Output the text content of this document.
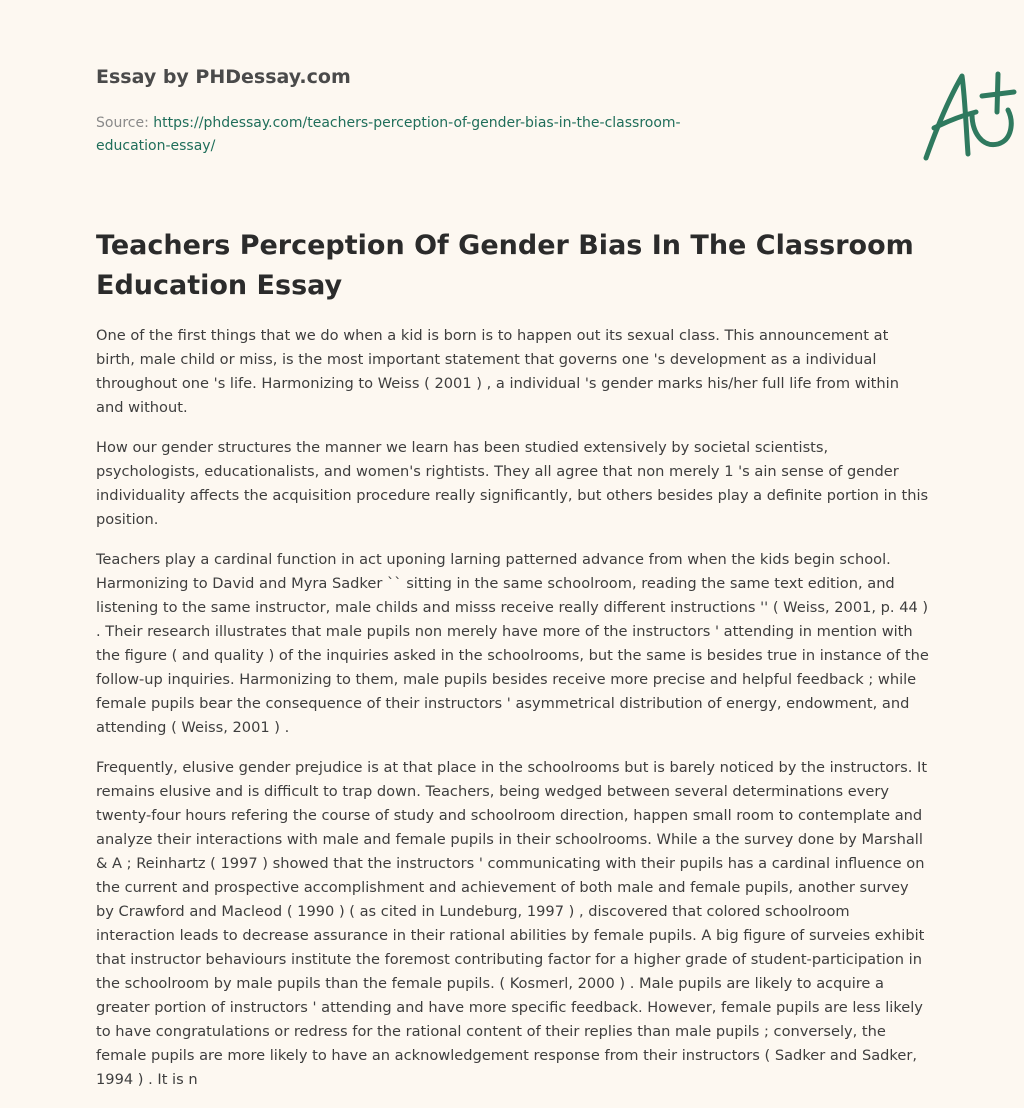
Essay by PHDessay.com
Source: https://phdessay.com/teachers-perception-of-gender-bias-in-the-classroom-education-essay/
Teachers Perception Of Gender Bias In The Classroom Education Essay

One of the first things that we do when a kid is born is to happen out its sexual class. This announcement at birth, male child or miss, is the most important statement that governs one 's development as a individual throughout one 's life. Harmonizing to Weiss ( 2001 ) , a individual 's gender marks his/her full life from within and without.

How our gender structures the manner we learn has been studied extensively by societal scientists, psychologists, educationalists, and women's rightists. They all agree that non merely 1 's ain sense of gender individuality affects the acquisition procedure really significantly, but others besides play a definite portion in this position.

Teachers play a cardinal function in act uponing larning patterned advance from when the kids begin school. Harmonizing to David and Myra Sadker `` sitting in the same schoolroom, reading the same text edition, and listening to the same instructor, male childs and misss receive really different instructions '' ( Weiss, 2001, p. 44 ) . Their research illustrates that male pupils non merely have more of the instructors ' attending in mention with the figure ( and quality ) of the inquiries asked in the schoolrooms, but the same is besides true in instance of the follow-up inquiries. Harmonizing to them, male pupils besides receive more precise and helpful feedback ; while female pupils bear the consequence of their instructors ' asymmetrical distribution of energy, endowment, and attending ( Weiss, 2001 ) .

Frequently, elusive gender prejudice is at that place in the schoolrooms but is barely noticed by the instructors. It remains elusive and is difficult to trap down. Teachers, being wedged between several determinations every twenty-four hours refering the course of study and schoolroom direction, happen small room to contemplate and analyze their interactions with male and female pupils in their schoolrooms. While a the survey done by Marshall & A ; Reinhartz ( 1997 ) showed that the instructors ' communicating with their pupils has a cardinal influence on the current and prospective accomplishment and achievement of both male and female pupils, another survey by Crawford and Macleod ( 1990 ) ( as cited in Lundeburg, 1997 ) , discovered that colored schoolroom interaction leads to decrease assurance in their rational abilities by female pupils. A big figure of surveies exhibit that instructor behaviours institute the foremost contributing factor for a higher grade of student-participation in the schoolroom by male pupils than the female pupils. ( Kosmerl, 2000 ) . Male pupils are likely to acquire a greater portion of instructors ' attending and have more specific feedback. However, female pupils are less likely to have congratulations or redress for the rational content of their replies than male pupils ; conversely, the female pupils are more likely to have an acknowledgement response from their instructors ( Sadker and Sadker, 1994 ) . It is n
